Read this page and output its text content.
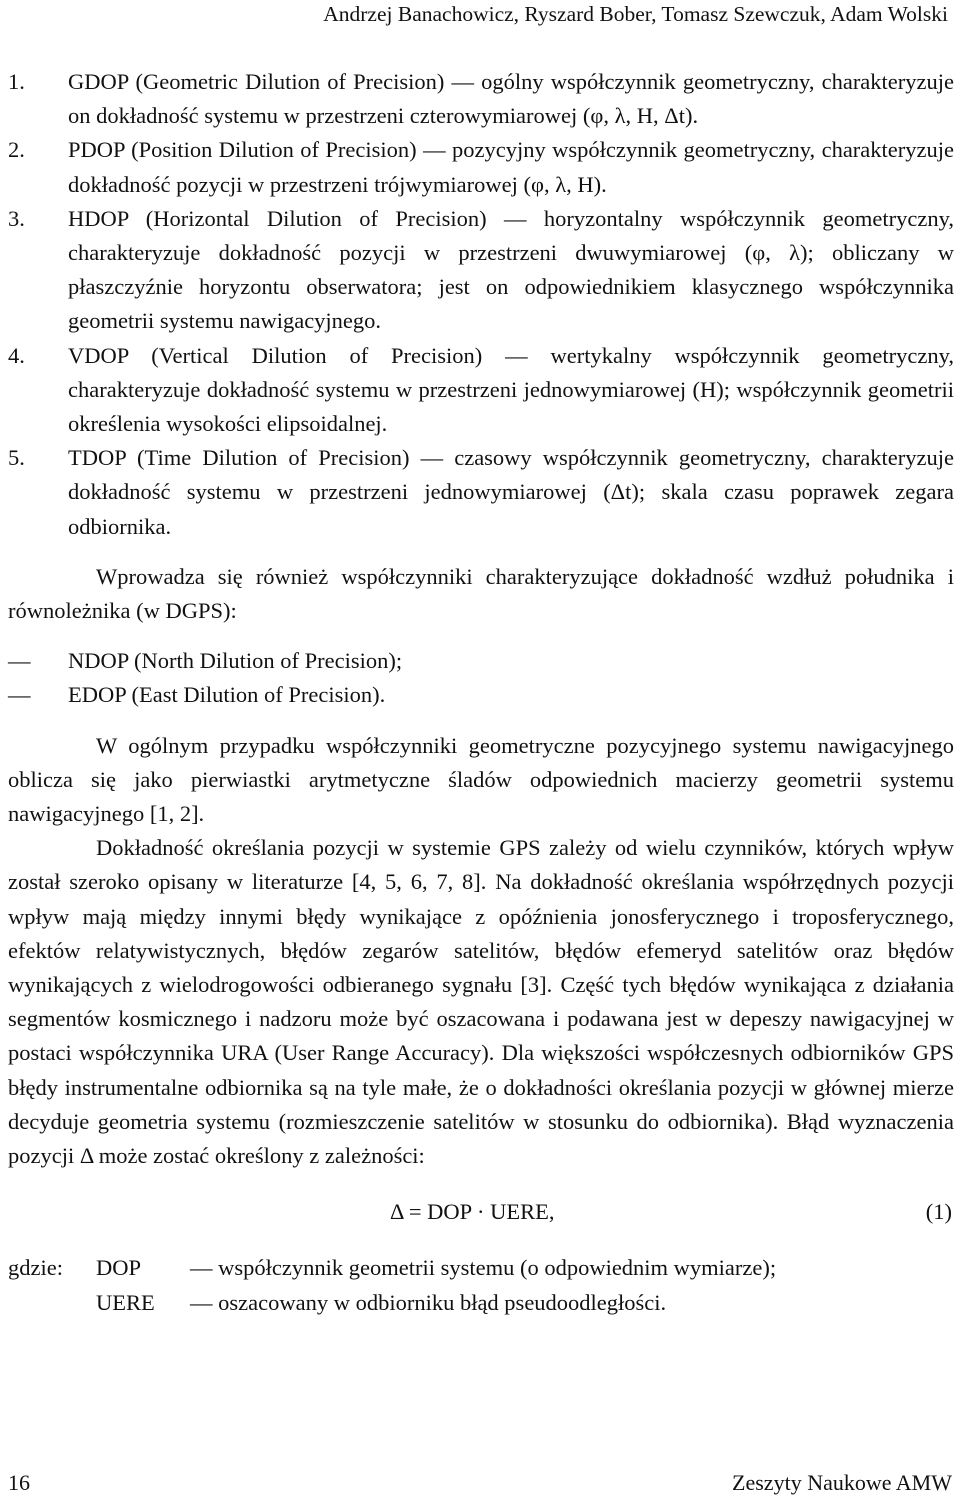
Andrzej Banachowicz, Ryszard Bober, Tomasz Szewczuk, Adam Wolski
1.	GDOP (Geometric Dilution of Precision) — ogólny współczynnik geometryczny, charakteryzuje on dokładność systemu w przestrzeni czterowymiarowej (φ, λ, H, Δt).
2.	PDOP (Position Dilution of Precision) — pozycyjny współczynnik geometryczny, charakteryzuje dokładność pozycji w przestrzeni trójwymiarowej (φ, λ, H).
3.	HDOP (Horizontal Dilution of Precision) — horyzontalny współczynnik geometryczny, charakteryzuje dokładność pozycji w przestrzeni dwuwymiarowej (φ, λ); obliczany w płaszczyźnie horyzontu obserwatora; jest on odpowiednikiem klasycznego współczynnika geometrii systemu nawigacyjnego.
4.	VDOP (Vertical Dilution of Precision) — wertykalny współczynnik geometryczny, charakteryzuje dokładność systemu w przestrzeni jednowymiarowej (H); współczynnik geometrii określenia wysokości elipsoidalnej.
5.	TDOP (Time Dilution of Precision) — czasowy współczynnik geometryczny, charakteryzuje dokładność systemu w przestrzeni jednowymiarowej (Δt); skala czasu poprawek zegara odbiornika.

Wprowadza się również współczynniki charakteryzujące dokładność wzdłuż południka i równoleżnika (w DGPS):

—	NDOP (North Dilution of Precision);
—	EDOP (East Dilution of Precision).

W ogólnym przypadku współczynniki geometryczne pozycyjnego systemu nawigacyjnego oblicza się jako pierwiastki arytmetyczne śladów odpowiednich macierzy geometrii systemu nawigacyjnego [1, 2].

Dokładność określania pozycji w systemie GPS zależy od wielu czynników, których wpływ został szeroko opisany w literaturze [4, 5, 6, 7, 8]. Na dokładność określania współrzędnych pozycji wpływ mają między innymi błędy wynikające z opóźnienia jonosferycznego i troposferycznego, efektów relatywistycznych, błędów zegarów satelitów, błędów efemeryd satelitów oraz błędów wynikających z wielodrogowości odbieranego sygnału [3]. Część tych błędów wynikająca z działania segmentów kosmicznego i nadzoru może być oszacowana i podawana jest w depeszy nawigacyjnej w postaci współczynnika URA (User Range Accuracy). Dla większości współczesnych odbiorników GPS błędy instrumentalne odbiornika są na tyle małe, że o dokładności określania pozycji w głównej mierze decyduje geometria systemu (rozmieszczenie satelitów w stosunku do odbiornika). Błąd wyznaczenia pozycji Δ może zostać określony z zależności:

Δ = DOP · UERE,	(1)
gdzie:	DOP	— współczynnik geometrii systemu (o odpowiednim wymiarze);
UERE	— oszacowany w odbiorniku błąd pseudoodległości.
16	Zeszyty Naukowe AMW
